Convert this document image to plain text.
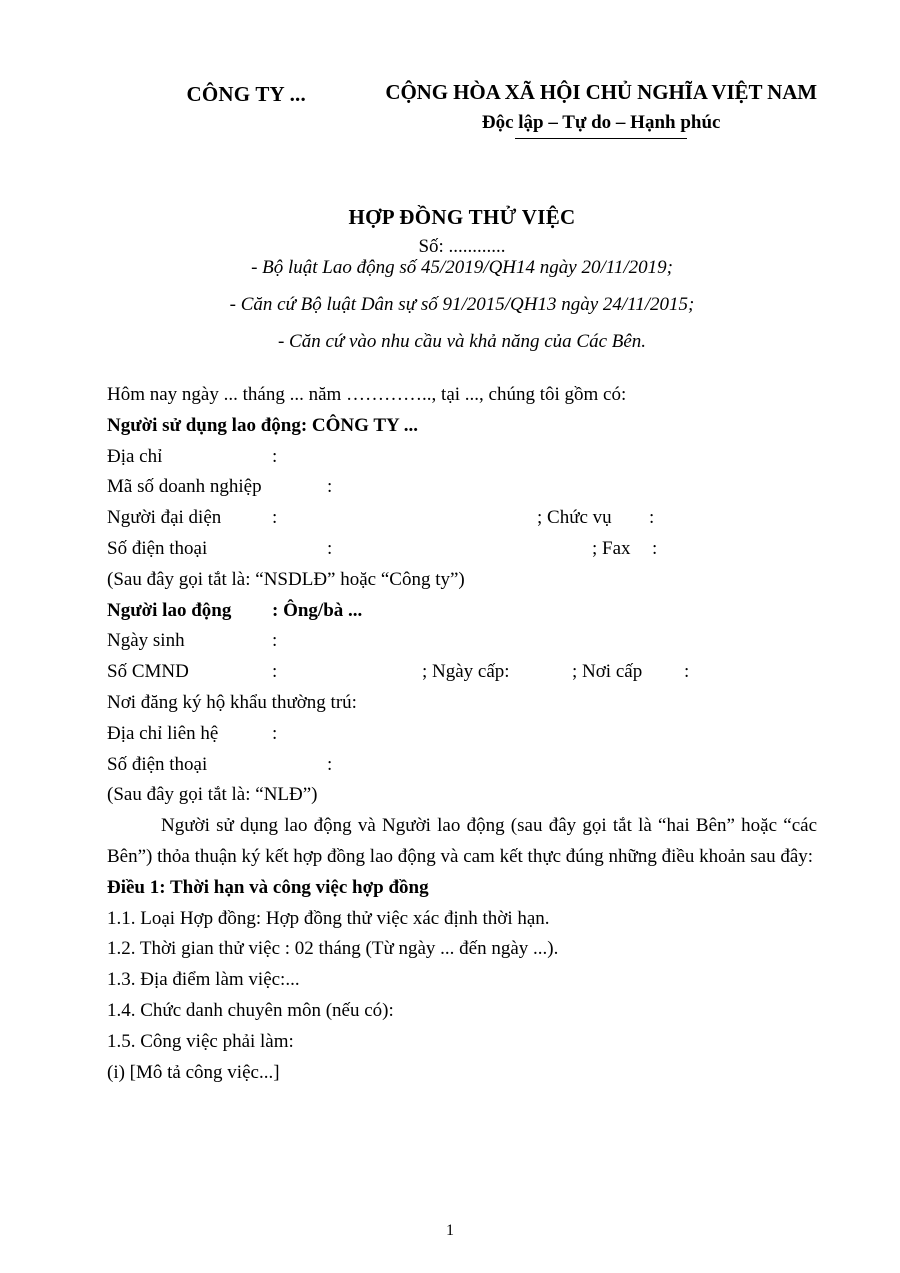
CÔNG TY ...	CỘNG HÒA XÃ HỘI CHỦ NGHĨA VIỆT NAM
Độc lập – Tự do – Hạnh phúc
HỢP ĐỒNG THỬ VIỆC
Số: ............
- Bộ luật Lao động số 45/2019/QH14 ngày 20/11/2019;
- Căn cứ Bộ luật Dân sự số 91/2015/QH13 ngày 24/11/2015;
- Căn cứ vào nhu cầu và khả năng của Các Bên.
Hôm nay ngày ... tháng ... năm ………….., tại ..., chúng tôi gồm có:
Người sử dụng lao động: CÔNG TY ...
Địa chỉ	:
Mã số doanh nghiệp	:
Người đại diện	:	; Chức vụ	:
Số điện thoại	:	; Fax	:
(Sau đây gọi tắt là: “NSDLĐ” hoặc “Công ty”)
Người lao động	: Ông/bà ...
Ngày sinh	:
Số CMND	:	; Ngày cấp:	; Nơi cấp	:
Nơi đăng ký hộ khẩu thường trú:
Địa chỉ liên hệ	:
Số điện thoại	:
(Sau đây gọi tắt là: “NLĐ”)

Người sử dụng lao động và Người lao động (sau đây gọi tắt là “hai Bên” hoặc “các Bên”) thỏa thuận ký kết hợp đồng lao động và cam kết thực đúng những điều khoản sau đây:

Điều 1: Thời hạn và công việc hợp đồng
1.1. Loại Hợp đồng: Hợp đồng thử việc xác định thời hạn.
1.2. Thời gian thử việc : 02 tháng (Từ ngày ... đến ngày ...).
1.3. Địa điểm làm việc:...
1.4. Chức danh chuyên môn (nếu có):
1.5. Công việc phải làm:
(i) [Mô tả công việc...]
1
